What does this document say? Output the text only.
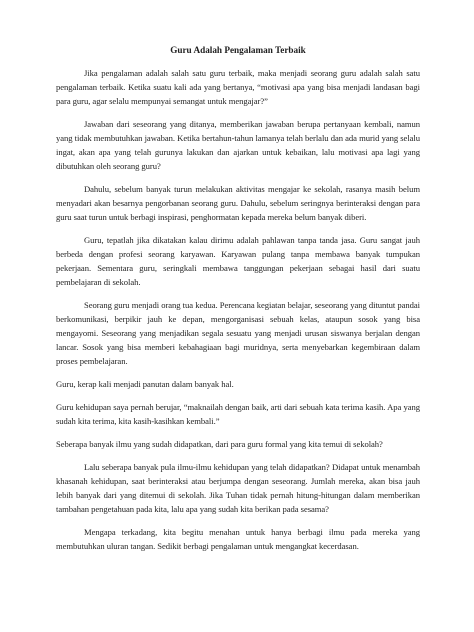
Guru Adalah Pengalaman Terbaik

Jika pengalaman adalah salah satu guru terbaik, maka menjadi seorang guru adalah salah satu pengalaman terbaik. Ketika suatu kali ada yang bertanya, “motivasi apa yang bisa menjadi landasan bagi para guru, agar selalu mempunyai semangat untuk mengajar?”

Jawaban dari seseorang yang ditanya, memberikan jawaban berupa pertanyaan kembali, namun yang tidak membutuhkan jawaban. Ketika bertahun-tahun lamanya telah berlalu dan ada murid yang selalu ingat, akan apa yang telah gurunya lakukan dan ajarkan untuk kebaikan, lalu motivasi apa lagi yang dibutuhkan oleh seorang guru?

Dahulu, sebelum banyak turun melakukan aktivitas mengajar ke sekolah, rasanya masih belum menyadari akan besarnya pengorbanan seorang guru. Dahulu, sebelum seringnya berinteraksi dengan para guru saat turun untuk berbagi inspirasi, penghormatan kepada mereka belum banyak diberi.

Guru, tepatlah jika dikatakan kalau dirimu adalah pahlawan tanpa tanda jasa. Guru sangat jauh berbeda dengan profesi seorang karyawan. Karyawan pulang tanpa membawa banyak tumpukan pekerjaan. Sementara guru, seringkali membawa tanggungan pekerjaan sebagai hasil dari suatu pembelajaran di sekolah.

Seorang guru menjadi orang tua kedua. Perencana kegiatan belajar, seseorang yang dituntut pandai berkomunikasi, berpikir jauh ke depan, mengorganisasi sebuah kelas, ataupun sosok yang bisa mengayomi. Seseorang yang menjadikan segala sesuatu yang menjadi urusan siswanya berjalan dengan lancar. Sosok yang bisa memberi kebahagiaan bagi muridnya, serta menyebarkan kegembiraan dalam proses pembelajaran.

Guru, kerap kali menjadi panutan dalam banyak hal.

Guru kehidupan saya pernah berujar, “maknailah dengan baik, arti dari sebuah kata terima kasih. Apa yang sudah kita terima, kita kasih-kasihkan kembali.”

Seberapa banyak ilmu yang sudah didapatkan, dari para guru formal yang kita temui di sekolah?

Lalu seberapa banyak pula ilmu-ilmu kehidupan yang telah didapatkan? Didapat untuk menambah khasanah kehidupan, saat berinteraksi atau berjumpa dengan seseorang. Jumlah mereka, akan bisa jauh lebih banyak dari yang ditemui di sekolah. Jika Tuhan tidak pernah hitung-hitungan dalam memberikan tambahan pengetahuan pada kita, lalu apa yang sudah kita berikan pada sesama?

Mengapa terkadang, kita begitu menahan untuk hanya berbagi ilmu pada mereka yang membutuhkan uluran tangan. Sedikit berbagi pengalaman untuk mengangkat kecerdasan.
